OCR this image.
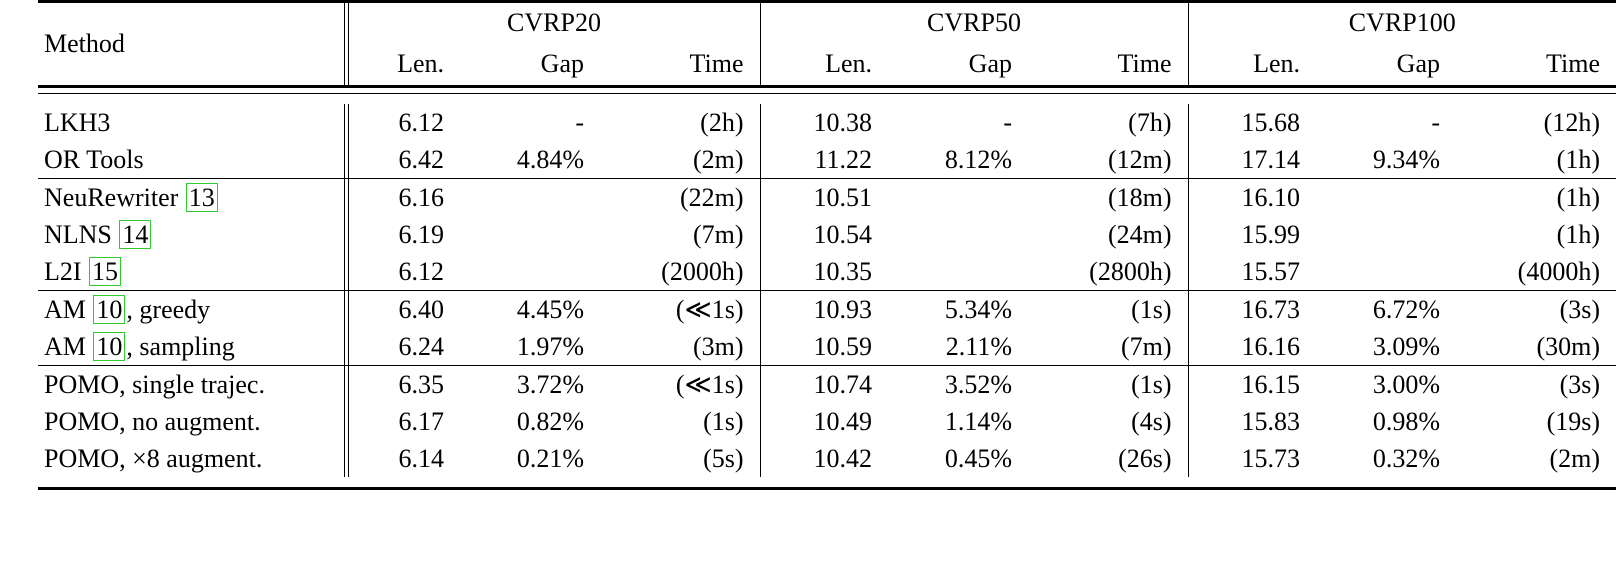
Method	CVRP20			CVRP50			CVRP100		
	Len.	Gap	Time	Len.	Gap	Time	Len.	Gap	Time

LKH3	6.12	-	(2h)	10.38	-	(7h)	15.68	-	(12h)
OR Tools	6.42	4.84%	(2m)	11.22	8.12%	(12m)	17.14	9.34%	(1h)

NeuRewriter 13	6.16		(22m)	10.51		(18m)	16.10		(1h)
NLNS 14	6.19		(7m)	10.54		(24m)	15.99		(1h)
L2I 15	6.12		(2000h)	10.35		(2800h)	15.57		(4000h)

AM 10 , greedy	6.40	4.45%	(≪1s)	10.93	5.34%	(1s)	16.73	6.72%	(3s)
AM 10 , sampling	6.24	1.97%	(3m)	10.59	2.11%	(7m)	16.16	3.09%	(30m)

POMO, single trajec.	6.35	3.72%	(≪1s)	10.74	3.52%	(1s)	16.15	3.00%	(3s)
POMO, no augment.	6.17	0.82%	(1s)	10.49	1.14%	(4s)	15.83	0.98%	(19s)
POMO, ×8 augment.	6.14	0.21%	(5s)	10.42	0.45%	(26s)	15.73	0.32%	(2m)
